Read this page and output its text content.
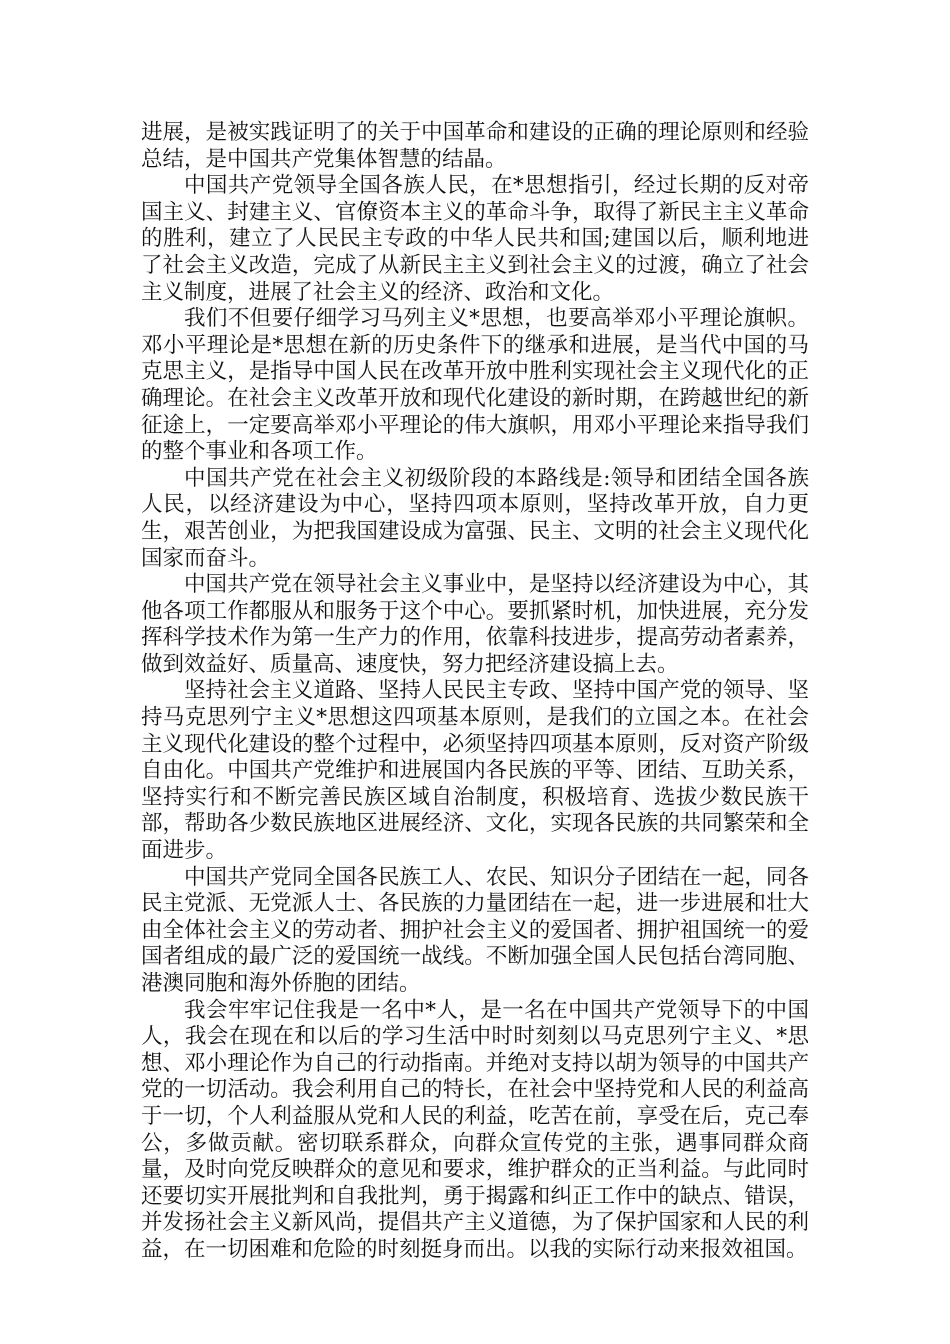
进展，是被实践证明了的关于中国革命和建设的正确的理论原则和经验总结，是中国共产党集体智慧的结晶。

中国共产党领导全国各族人民，在*思想指引，经过长期的反对帝国主义、封建主义、官僚资本主义的革命斗争，取得了新民主主义革命的胜利，建立了人民民主专政的中华人民共和国;建国以后，顺利地进了社会主义改造，完成了从新民主主义到社会主义的过渡，确立了社会主义制度，进展了社会主义的经济、政治和文化。

我们不但要仔细学习马列主义*思想，也要高举邓小平理论旗帜。邓小平理论是*思想在新的历史条件下的继承和进展，是当代中国的马克思主义，是指导中国人民在改革开放中胜利实现社会主义现代化的正确理论。在社会主义改革开放和现代化建设的新时期，在跨越世纪的新征途上，一定要高举邓小平理论的伟大旗帜，用邓小平理论来指导我们的整个事业和各项工作。

中国共产党在社会主义初级阶段的本路线是:领导和团结全国各族人民，以经济建设为中心，坚持四项本原则，坚持改革开放，自力更生，艰苦创业，为把我国建设成为富强、民主、文明的社会主义现代化国家而奋斗。

中国共产党在领导社会主义事业中，是坚持以经济建设为中心，其他各项工作都服从和服务于这个中心。要抓紧时机，加快进展，充分发挥科学技术作为第一生产力的作用，依靠科技进步，提高劳动者素养，做到效益好、质量高、速度快，努力把经济建设搞上去。

坚持社会主义道路、坚持人民民主专政、坚持中国产党的领导、坚持马克思列宁主义*思想这四项基本原则，是我们的立国之本。在社会主义现代化建设的整个过程中，必须坚持四项基本原则，反对资产阶级自由化。中国共产党维护和进展国内各民族的平等、团结、互助关系，坚持实行和不断完善民族区域自治制度，积极培育、选拔少数民族干部，帮助各少数民族地区进展经济、文化，实现各民族的共同繁荣和全面进步。

中国共产党同全国各民族工人、农民、知识分子团结在一起，同各民主党派、无党派人士、各民族的力量团结在一起，进一步进展和壮大由全体社会主义的劳动者、拥护社会主义的爱国者、拥护祖国统一的爱国者组成的最广泛的爱国统一战线。不断加强全国人民包括台湾同胞、港澳同胞和海外侨胞的团结。

我会牢牢记住我是一名中*人，是一名在中国共产党领导下的中国人，我会在现在和以后的学习生活中时时刻刻以马克思列宁主义、*思想、邓小理论作为自己的行动指南。并绝对支持以胡为领导的中国共产党的一切活动。我会利用自己的特长，在社会中坚持党和人民的利益高于一切，个人利益服从党和人民的利益，吃苦在前，享受在后，克己奉公，多做贡献。密切联系群众，向群众宣传党的主张，遇事同群众商量，及时向党反映群众的意见和要求，维护群众的正当利益。与此同时还要切实开展批判和自我批判，勇于揭露和纠正工作中的缺点、错误，并发扬社会主义新风尚，提倡共产主义道德，为了保护国家和人民的利益，在一切困难和危险的时刻挺身而出。以我的实际行动来报效祖国。
